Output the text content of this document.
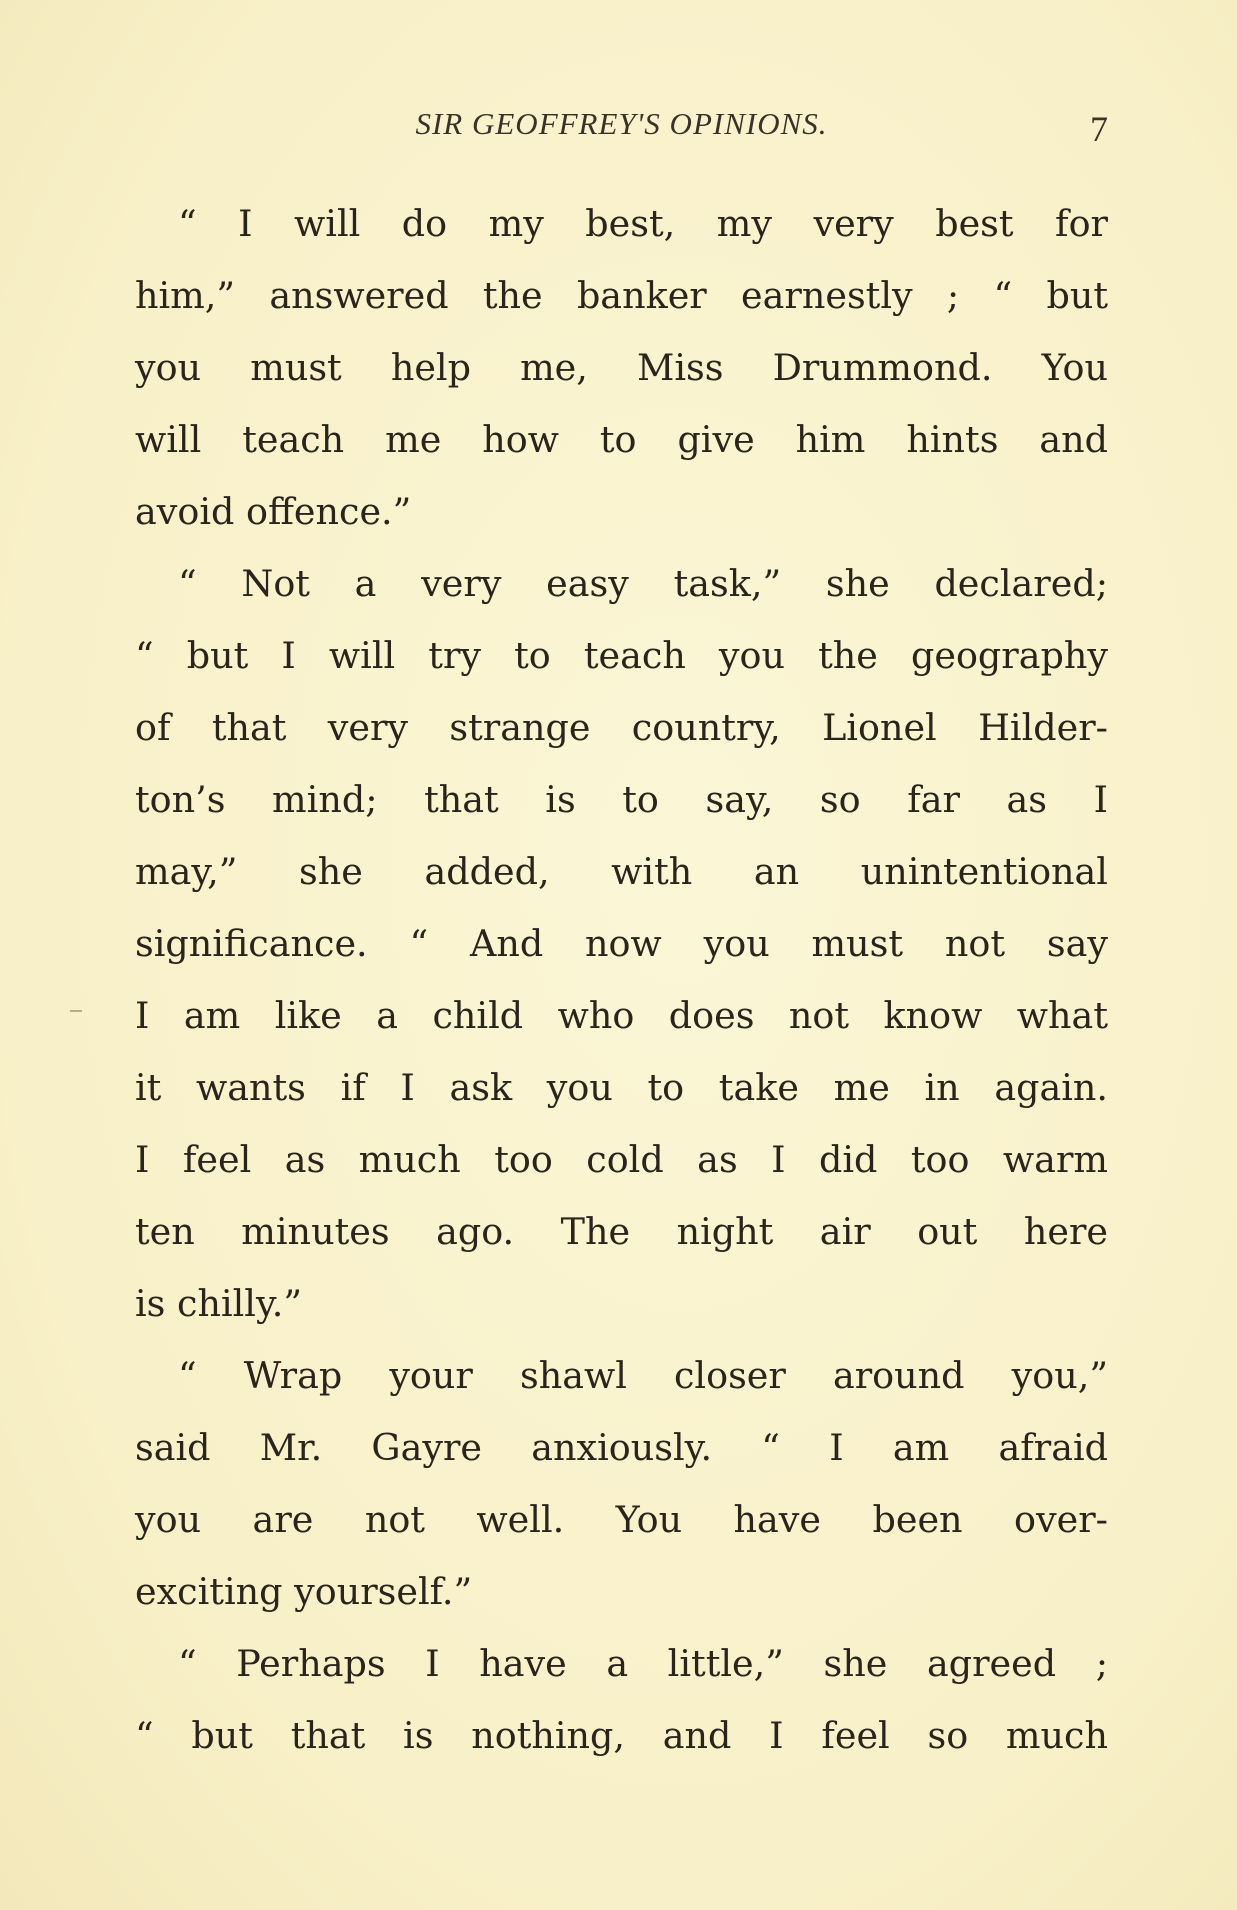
SIR GEOFFREY'S OPINIONS.	7
“ I will do my best, my very best for
him,” answered the banker earnestly ; “ but
you must help me, Miss Drummond. You
will teach me how to give him hints and
avoid offence.”
“ Not a very easy task,” she declared;
“ but I will try to teach you the geography
of that very strange country, Lionel Hilder-
ton’s mind; that is to say, so far as I
may,” she added, with an unintentional
significance. “ And now you must not say
I am like a child who does not know what
it wants if I ask you to take me in again.
I feel as much too cold as I did too warm
ten minutes ago. The night air out here
is chilly.”
“ Wrap your shawl closer around you,”
said Mr. Gayre anxiously. “ I am afraid
you are not well. You have been over-
exciting yourself.”
“ Perhaps I have a little,” she agreed ;
“ but that is nothing, and I feel so much
